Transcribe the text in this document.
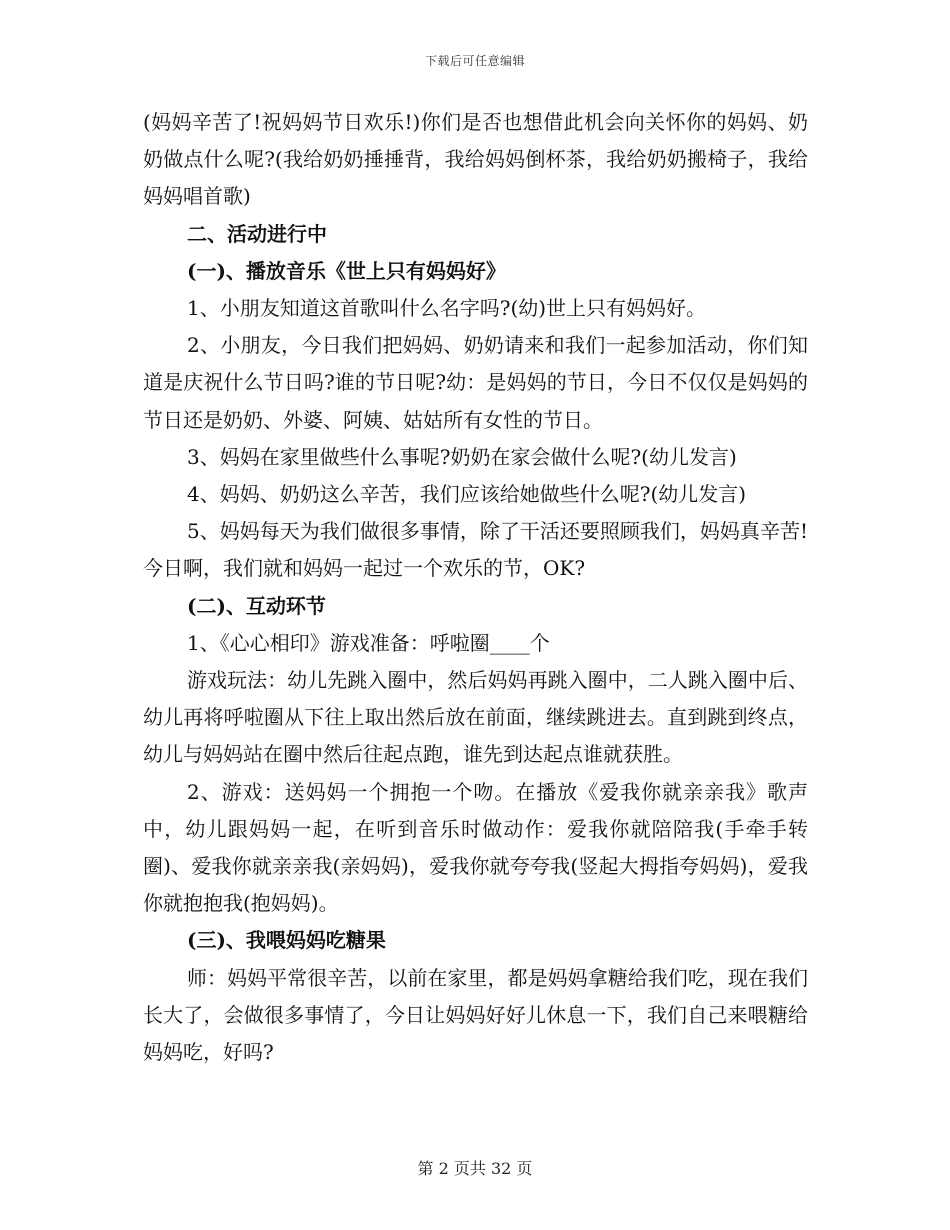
下载后可任意编辑

(妈妈辛苦了!祝妈妈节日欢乐!)你们是否也想借此机会向关怀你的妈妈、奶奶做点什么呢?(我给奶奶捶捶背，我给妈妈倒杯茶，我给奶奶搬椅子，我给妈妈唱首歌)

二、活动进行中

(一)、播放音乐《世上只有妈妈好》

1、小朋友知道这首歌叫什么名字吗?(幼)世上只有妈妈好。

2、小朋友，今日我们把妈妈、奶奶请来和我们一起参加活动，你们知道是庆祝什么节日吗?谁的节日呢?幼：是妈妈的节日，今日不仅仅是妈妈的节日还是奶奶、外婆、阿姨、姑姑所有女性的节日。

3、妈妈在家里做些什么事呢?奶奶在家会做什么呢?(幼儿发言)

4、妈妈、奶奶这么辛苦，我们应该给她做些什么呢?(幼儿发言)

5、妈妈每天为我们做很多事情，除了干活还要照顾我们，妈妈真辛苦!今日啊，我们就和妈妈一起过一个欢乐的节，OK?

(二)、互动环节

1、《心心相印》游戏准备：呼啦圈____个

游戏玩法：幼儿先跳入圈中，然后妈妈再跳入圈中，二人跳入圈中后、幼儿再将呼啦圈从下往上取出然后放在前面，继续跳进去。直到跳到终点，幼儿与妈妈站在圈中然后往起点跑，谁先到达起点谁就获胜。

2、游戏：送妈妈一个拥抱一个吻。在播放《爱我你就亲亲我》歌声中，幼儿跟妈妈一起，在听到音乐时做动作：爱我你就陪陪我(手牵手转圈)、爱我你就亲亲我(亲妈妈)，爱我你就夸夸我(竖起大拇指夸妈妈)，爱我你就抱抱我(抱妈妈)。

(三)、我喂妈妈吃糖果

师：妈妈平常很辛苦，以前在家里，都是妈妈拿糖给我们吃，现在我们长大了，会做很多事情了，今日让妈妈好好儿休息一下，我们自己来喂糖给妈妈吃，好吗?

第 2 页共 32 页
